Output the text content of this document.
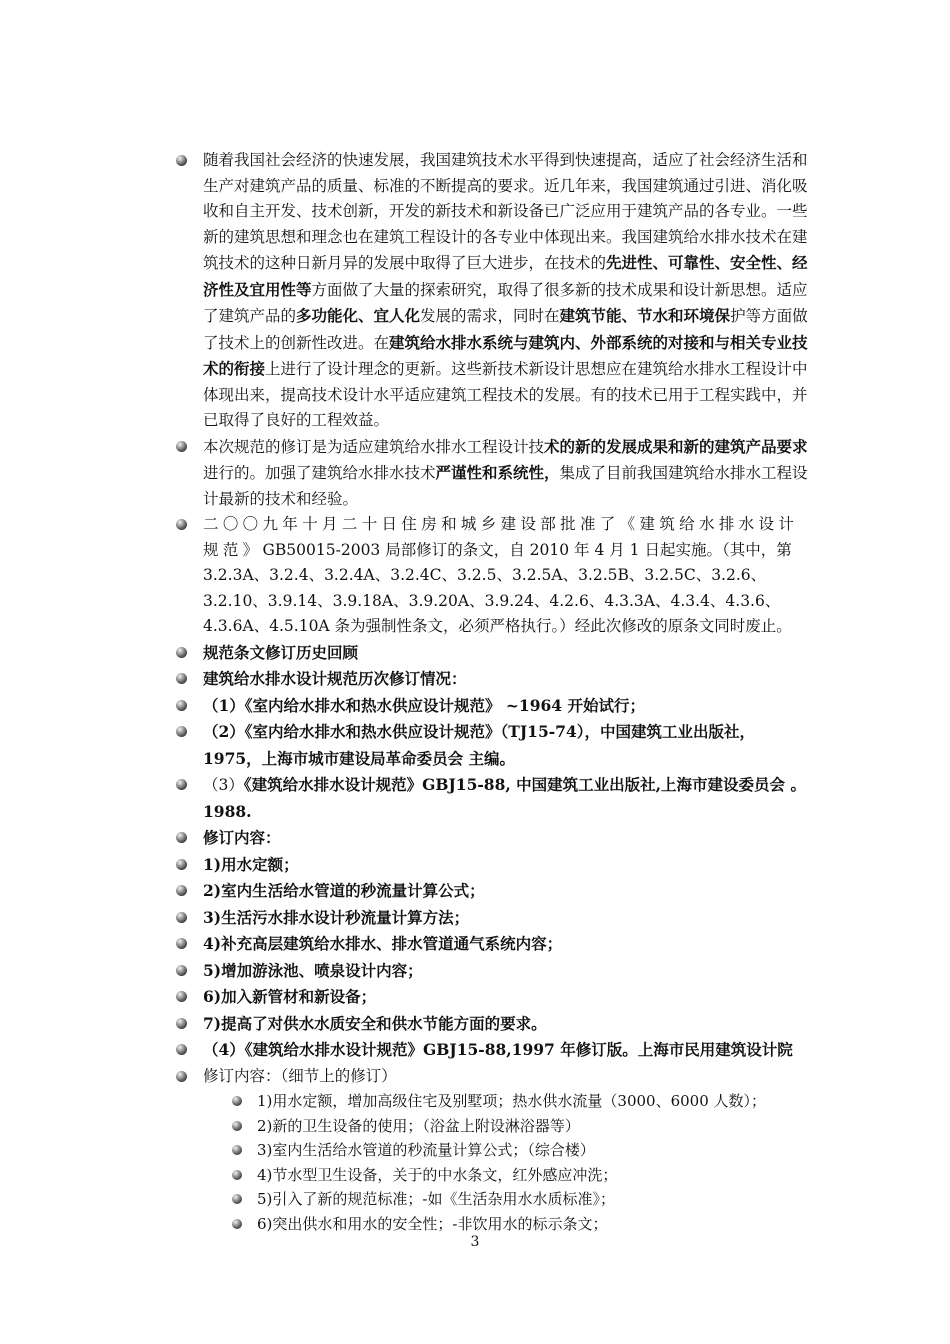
随着我国社会经济的快速发展，我国建筑技术水平得到快速提高，适应了社会经济生活和生产对建筑产品的质量、标准的不断提高的要求。近几年来，我国建筑通过引进、消化吸收和自主开发、技术创新，开发的新技术和新设备已广泛应用于建筑产品的各专业。一些新的建筑思想和理念也在建筑工程设计的各专业中体现出来。我国建筑给水排水技术在建筑技术的这种日新月异的发展中取得了巨大进步，在技术的先进性、可靠性、安全性、经济性及宜用性等方面做了大量的探索研究，取得了很多新的技术成果和设计新思想。适应了建筑产品的多功能化、宜人化发展的需求，同时在建筑节能、节水和环境保护等方面做了技术上的创新性改进。在建筑给水排水系统与建筑内、外部系统的对接和与相关专业技术的衔接上进行了设计理念的更新。这些新技术新设计思想应在建筑给水排水工程设计中体现出来，提高技术设计水平适应建筑工程技术的发展。有的技术已用于工程实践中，并已取得了良好的工程效益。
本次规范的修订是为适应建筑给水排水工程设计技术的新的发展成果和新的建筑产品要求进行的。加强了建筑给水排水技术严谨性和系统性，集成了目前我国建筑给水排水工程设计最新的技术和经验。
二〇〇九年十月二十日住房和城乡建设部批准了《建筑给水排水设计规范》GB50015-2003 局部修订的条文，自 2010 年 4 月 1 日起实施。（其中，第 3.2.3A、3.2.4、3.2.4A、3.2.4C、3.2.5、3.2.5A、3.2.5B、3.2.5C、3.2.6、3.2.10、3.9.14、3.9.18A、3.9.20A、3.9.24、4.2.6、4.3.3A、4.3.4、4.3.6、4.3.6A、4.5.10A 条为强制性条文，必须严格执行。）经此次修改的原条文同时废止。
规范条文修订历史回顾
建筑给水排水设计规范历次修订情况：
（1）《室内给水排水和热水供应设计规范》 ~1964 开始试行；
（2）《室内给水排水和热水供应设计规范》（TJ15-74），中国建筑工业出版社，1975，上海市城市建设局革命委员会 主编。
（3）《建筑给水排水设计规范》GBJ15-88, 中国建筑工业出版社,上海市建设委员会 。1988.
修订内容：
1)用水定额；
2)室内生活给水管道的秒流量计算公式；
3)生活污水排水设计秒流量计算方法；
4)补充高层建筑给水排水、排水管道通气系统内容；
5)增加游泳池、喷泉设计内容；
6)加入新管材和新设备；
7)提高了对供水水质安全和供水节能方面的要求。
（4）《建筑给水排水设计规范》GBJ15-88,1997 年修订版。上海市民用建筑设计院
修订内容：（细节上的修订）
1)用水定额，增加高级住宅及别墅项；热水供水流量（3000、6000 人数）；
2)新的卫生设备的使用；（浴盆上附设淋浴器等）
3)室内生活给水管道的秒流量计算公式；（综合楼）
4)节水型卫生设备，关于的中水条文，红外感应冲洗；
5)引入了新的规范标准；-如《生活杂用水水质标准》；
6)突出供水和用水的安全性；-非饮用水的标示条文；
3
